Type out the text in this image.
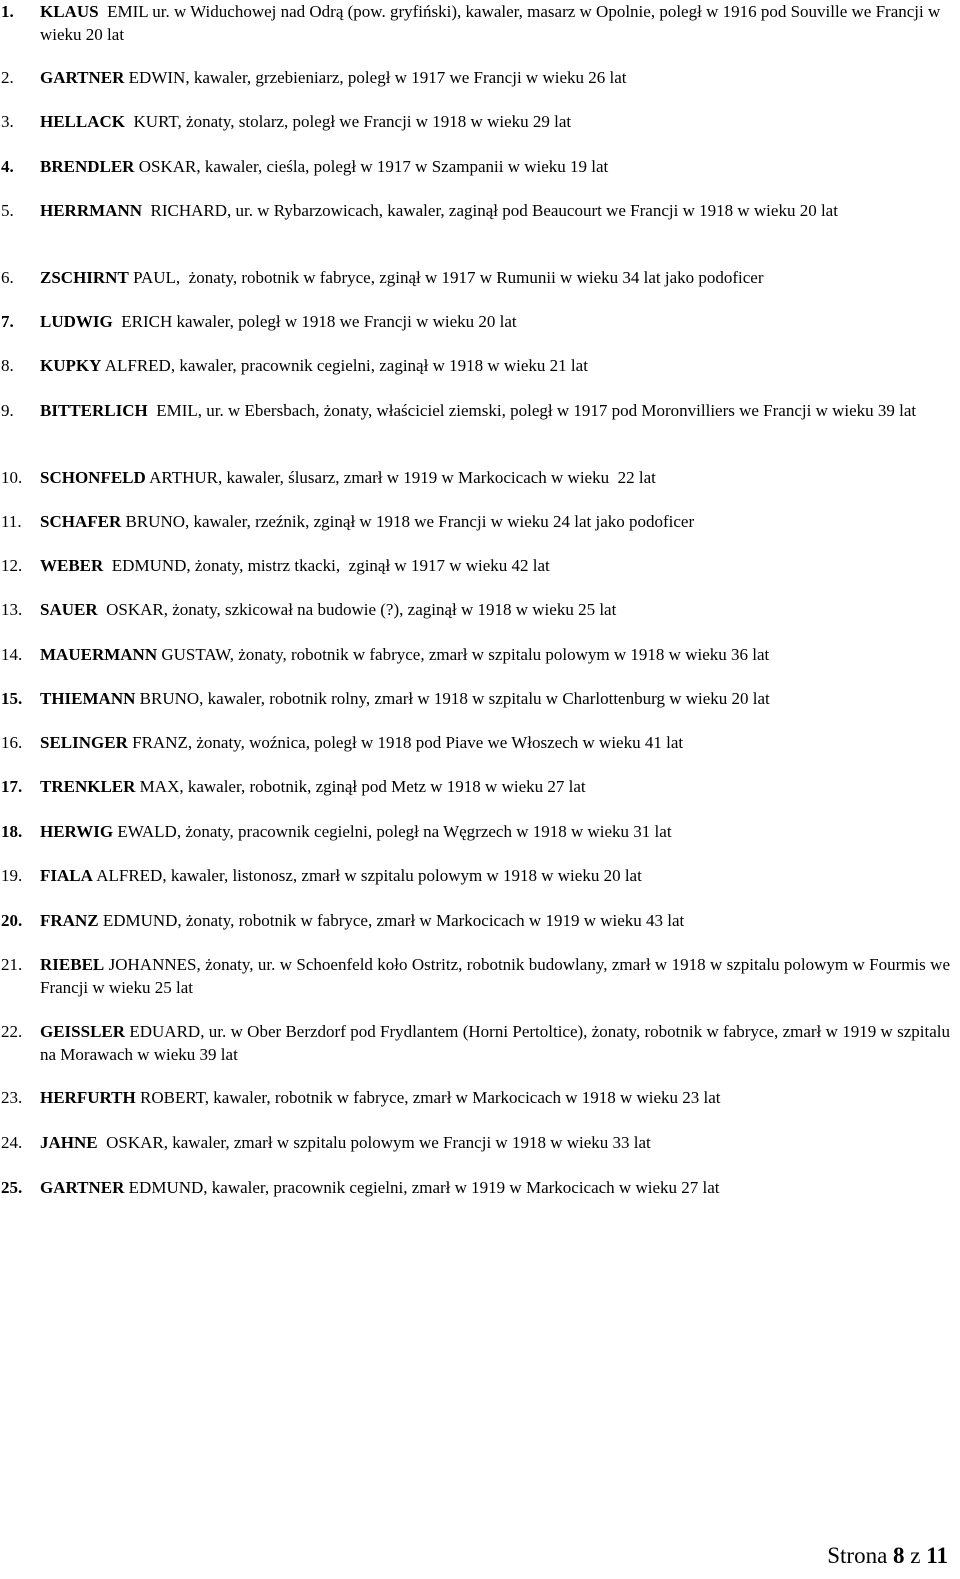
1. KLAUS  EMIL ur. w Widuchowej nad Odrą (pow. gryfiński), kawaler, masarz w Opolnie, poległ w 1916 pod Souville we Francji w wieku 20 lat
2. GARTNER EDWIN, kawaler, grzebieniarz, poległ w 1917 we Francji w wieku 26 lat
3. HELLACK  KURT, żonaty, stolarz, poległ we Francji w 1918 w wieku 29 lat
4. BRENDLER OSKAR, kawaler, cieśla, poległ w 1917 w Szampanii w wieku 19 lat
5. HERRMANN  RICHARD, ur. w Rybarzowicach, kawaler, zaginął pod Beaucourt we Francji w 1918 w wieku 20 lat
6. ZSCHIRNT PAUL,  żonaty, robotnik w fabryce, zginął w 1917 w Rumunii w wieku 34 lat jako podoficer
7. LUDWIG  ERICH kawaler, poległ w 1918 we Francji w wieku 20 lat
8. KUPKY ALFRED, kawaler, pracownik cegielni, zaginął w 1918 w wieku 21 lat
9. BITTERLICH  EMIL, ur. w Ebersbach, żonaty, właściciel ziemski, poległ w 1917 pod Moronvilliers we Francji w wieku 39 lat
10. SCHONFELD ARTHUR, kawaler, ślusarz, zmarł w 1919 w Markocicach w wieku  22 lat
11. SCHAFER BRUNO, kawaler, rzeźnik, zginął w 1918 we Francji w wieku 24 lat jako podoficer
12. WEBER  EDMUND, żonaty, mistrz tkacki,  zginął w 1917 w wieku 42 lat
13. SAUER  OSKAR, żonaty, szkicował na budowie (?), zaginął w 1918 w wieku 25 lat
14. MAUERMANN GUSTAW, żonaty, robotnik w fabryce, zmarł w szpitalu polowym w 1918 w wieku 36 lat
15. THIEMANN BRUNO, kawaler, robotnik rolny, zmarł w 1918 w szpitalu w Charlottenburg w wieku 20 lat
16. SELINGER FRANZ, żonaty, woźnica, poległ w 1918 pod Piave we Włoszech w wieku 41 lat
17. TRENKLER MAX, kawaler, robotnik, zginął pod Metz w 1918 w wieku 27 lat
18. HERWIG EWALD, żonaty, pracownik cegielni, poległ na Węgrzech w 1918 w wieku 31 lat
19. FIALA ALFRED, kawaler, listonosz, zmarł w szpitalu polowym w 1918 w wieku 20 lat
20. FRANZ EDMUND, żonaty, robotnik w fabryce, zmarł w Markocicach w 1919 w wieku 43 lat
21. RIEBEL JOHANNES, żonaty, ur. w Schoenfeld koło Ostritz, robotnik budowlany, zmarł w 1918 w szpitalu polowym w Fourmis we Francji w wieku 25 lat
22. GEISSLER EDUARD, ur. w Ober Berzdorf pod Frydlantem (Horni Pertoltice), żonaty, robotnik w fabryce, zmarł w 1919 w szpitalu na Morawach w wieku 39 lat
23. HERFURTH ROBERT, kawaler, robotnik w fabryce, zmarł w Markocicach w 1918 w wieku 23 lat
24. JAHNE  OSKAR, kawaler, zmarł w szpitalu polowym we Francji w 1918 w wieku 33 lat
25. GARTNER EDMUND, kawaler, pracownik cegielni, zmarł w 1919 w Markocicach w wieku 27 lat
Strona 8 z 11
